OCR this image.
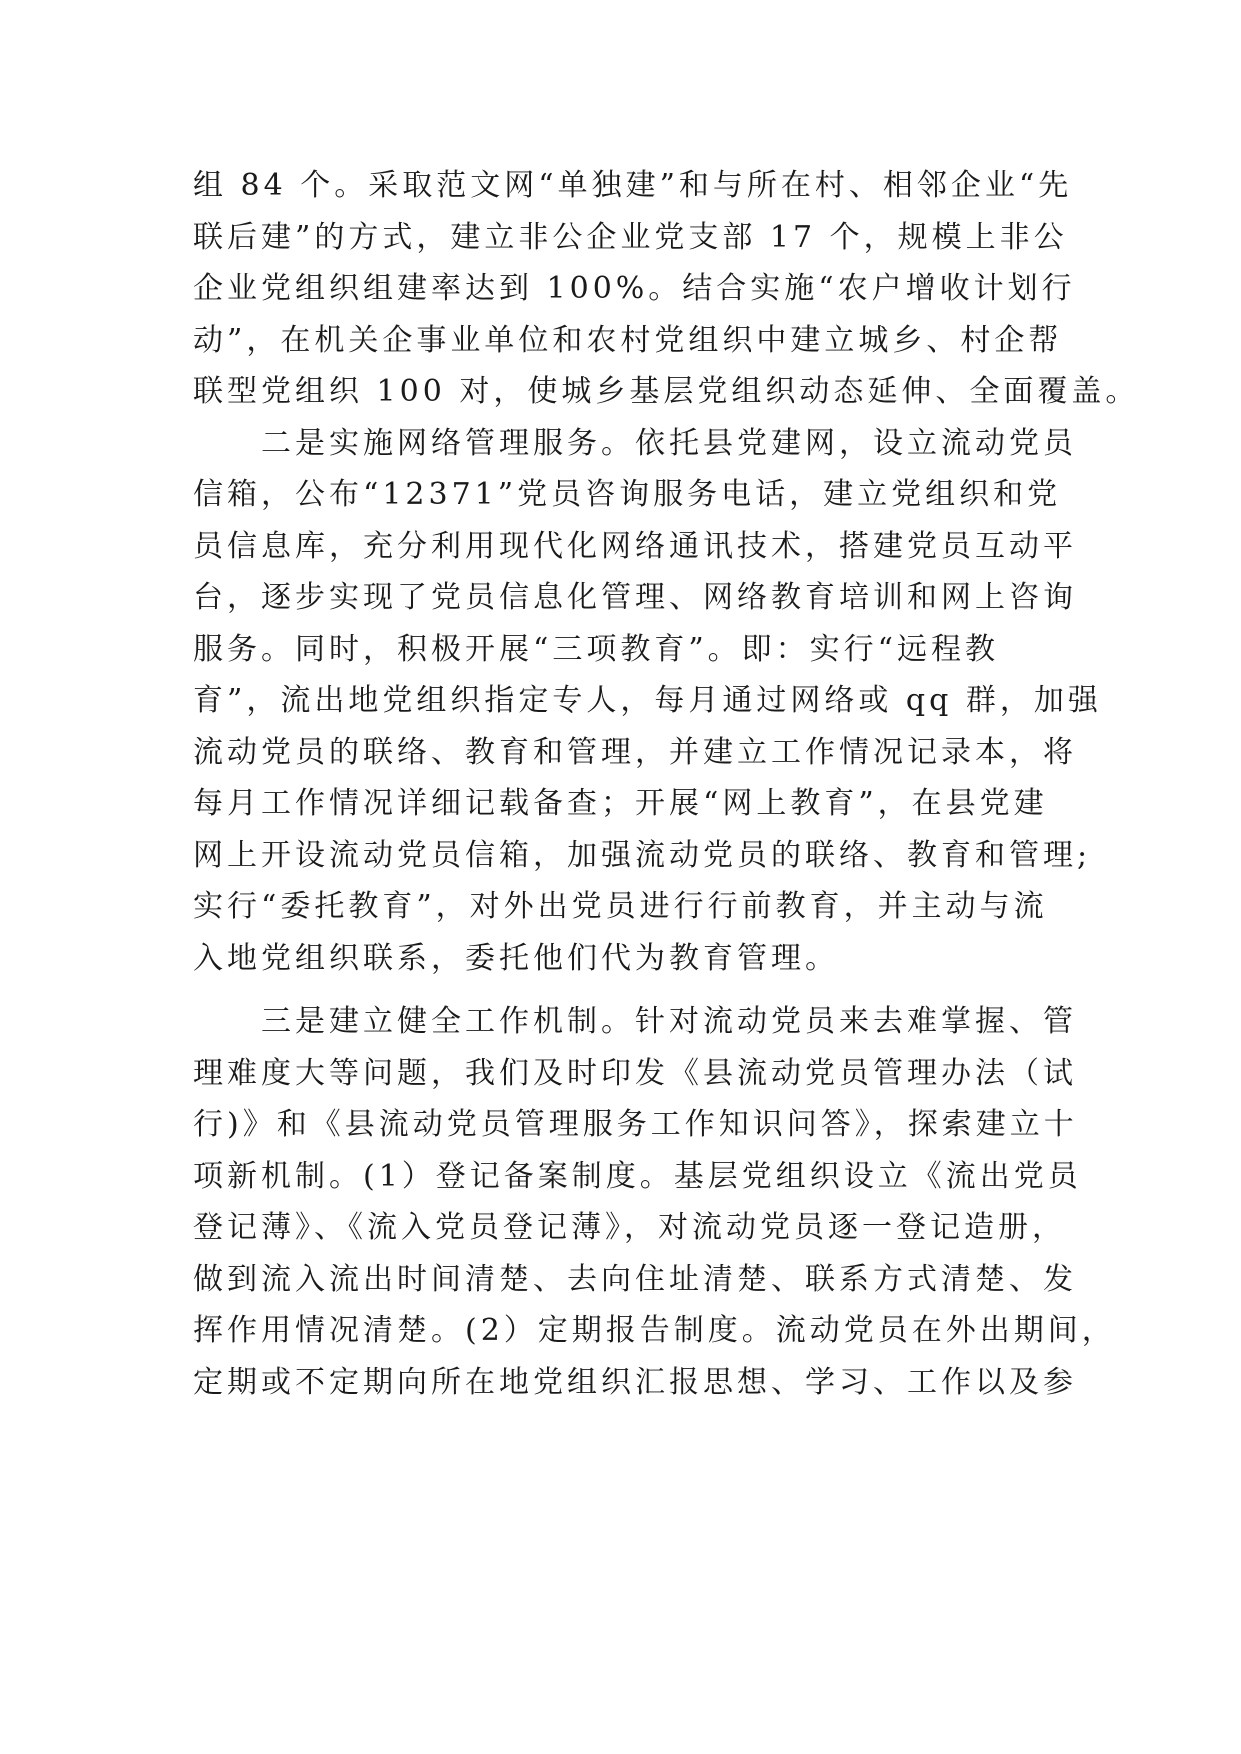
组 84 个。采取范文网“单独建”和与所在村、相邻企业“先
联后建”的方式，建立非公企业党支部 17 个，规模上非公
企业党组织组建率达到 100%。结合实施“农户增收计划行
动”，在机关企事业单位和农村党组织中建立城乡、村企帮
联型党组织 100 对，使城乡基层党组织动态延伸、全面覆盖。
　　二是实施网络管理服务。依托县党建网，设立流动党员
信箱，公布“12371”党员咨询服务电话，建立党组织和党
员信息库，充分利用现代化网络通讯技术，搭建党员互动平
台，逐步实现了党员信息化管理、网络教育培训和网上咨询
服务。同时，积极开展“三项教育”。即：实行“远程教
育”，流出地党组织指定专人，每月通过网络或 qq 群，加强
流动党员的联络、教育和管理，并建立工作情况记录本，将
每月工作情况详细记载备查；开展“网上教育”，在县党建
网上开设流动党员信箱，加强流动党员的联络、教育和管理;
实行“委托教育”，对外出党员进行行前教育，并主动与流
入地党组织联系，委托他们代为教育管理。
　　三是建立健全工作机制。针对流动党员来去难掌握、管
理难度大等问题，我们及时印发《县流动党员管理办法（试
行)》和《县流动党员管理服务工作知识问答》，探索建立十
项新机制。(1）登记备案制度。基层党组织设立《流出党员
登记薄》、《流入党员登记薄》，对流动党员逐一登记造册，
做到流入流出时间清楚、去向住址清楚、联系方式清楚、发
挥作用情况清楚。(2）定期报告制度。流动党员在外出期间，
定期或不定期向所在地党组织汇报思想、学习、工作以及参
